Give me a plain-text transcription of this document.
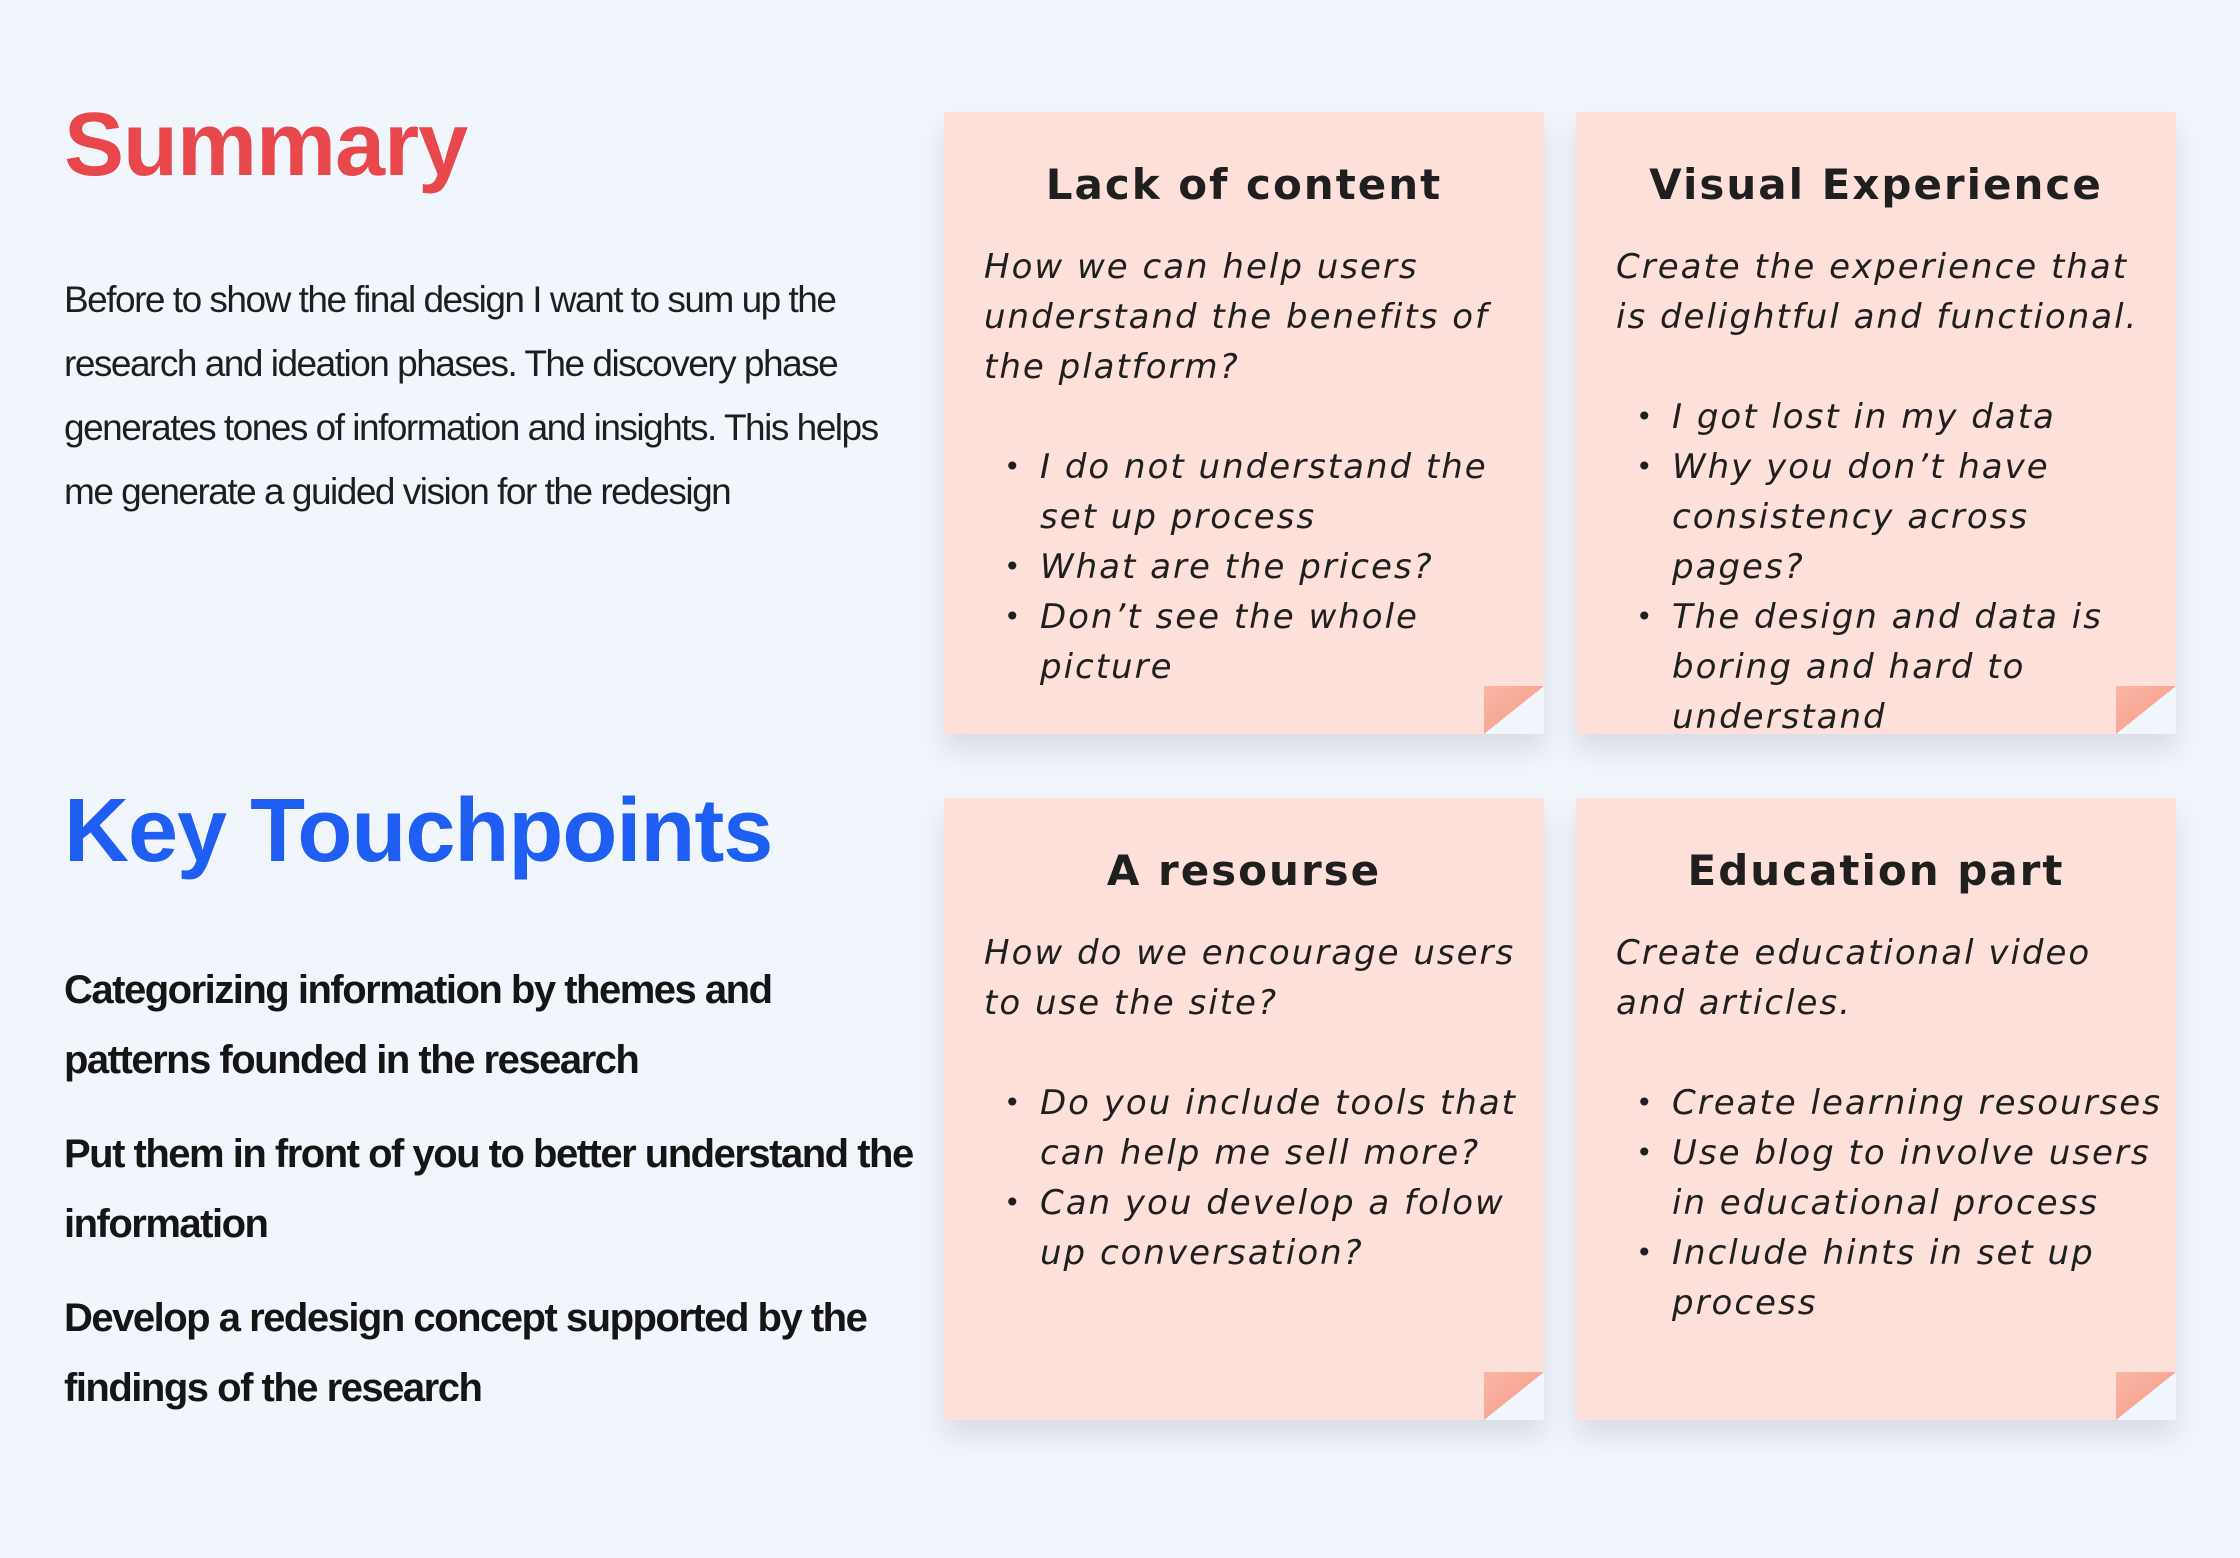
Summary

Before to show the final design I want to sum up the research and ideation phases. The discovery phase generates tones of information and insights. This helps me generate a guided vision for the redesign

Key Touchpoints
Categorizing information by themes and patterns founded in the research
Put them in front of you to better understand the information
Develop a redesign concept supported by the findings of the research
Lack of content

How we can help users understand the benefits of the platform?

• I do not understand the set up process
• What are the prices?
• Don’t see the whole picture
Visual Experience

Create the experience that is delightful and functional.

• I got lost in my data
• Why you don’t have consistency across pages?
• The design and data is boring and hard to understand
A resourse

How do we encourage users to use the site?

• Do you include tools that can help me sell more?
• Can you develop a folow up conversation?
Education part

Create educational video and articles.

• Create learning resourses
• Use blog to involve users in educational process
• Include hints in set up process
